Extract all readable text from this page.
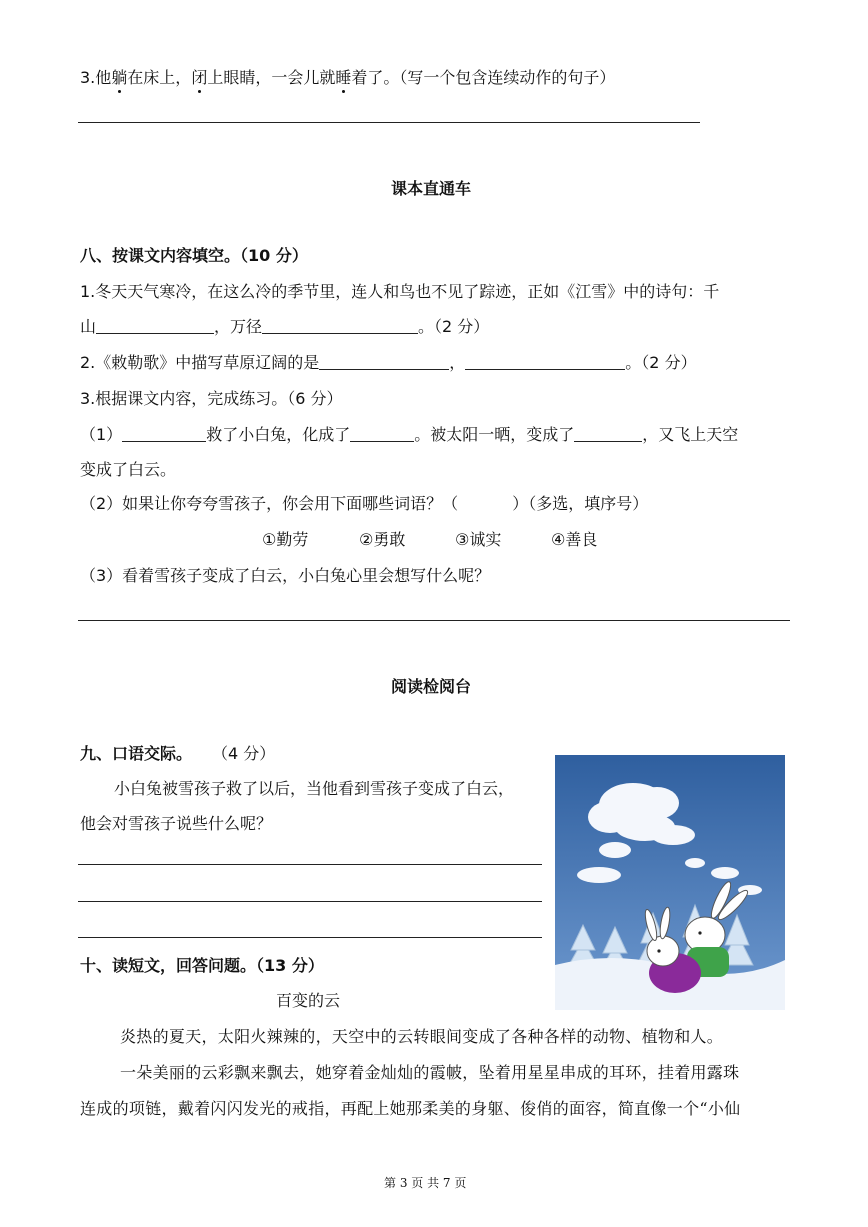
3.他躺在床上，闭上眼睛，一会儿就睡着了。（写一个包含连续动作的句子）
课本直通车
八、按课文内容填空。（10 分）
1.冬天天气寒冷，在这么冷的季节里，连人和鸟也不见了踪迹，正如《江雪》中的诗句：千
山	，万径	。（2 分）
2.《敕勒歌》中描写草原辽阔的是	，	。（2 分）
3.根据课文内容，完成练习。（6 分）
（1）	救了小白兔，化成了	。被太阳一晒，变成了	，又飞上天空
变成了白云。
（2）如果让你夸夸雪孩子，你会用下面哪些词语？（	）（多选，填序号）
①勤劳	②勇敢	③诚实	④善良
（3）看着雪孩子变成了白云，小白兔心里会想写什么呢？
阅读检阅台
九、口语交际。 （4 分）
小白兔被雪孩子救了以后，当他看到雪孩子变成了白云，
他会对雪孩子说些什么呢？
十、读短文，回答问题。（13 分）
百变的云
炎热的夏天，太阳火辣辣的，天空中的云转眼间变成了各种各样的动物、植物和人。
一朵美丽的云彩飘来飘去，她穿着金灿灿的霞帔，坠着用星星串成的耳环，挂着用露珠
连成的项链，戴着闪闪发光的戒指，再配上她那柔美的身躯、俊俏的面容，简直像一个“小仙
第 3 页 共 7 页
